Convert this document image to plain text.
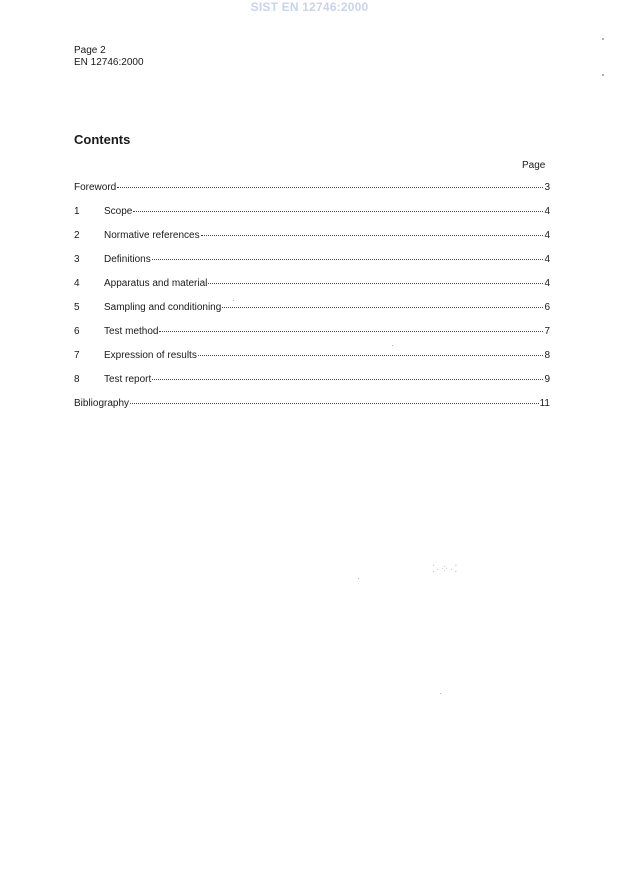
SIST EN 12746:2000
Page 2
EN 12746:2000
Contents
Page
Foreword	3
1	Scope	4
2	Normative references	4
3	Definitions	4
4	Apparatus and material	4
5	Sampling and conditioning	6
6	Test method	7
7	Expression of results	8
8	Test report	9
Bibliography	11
⁚·⁘·⁚
